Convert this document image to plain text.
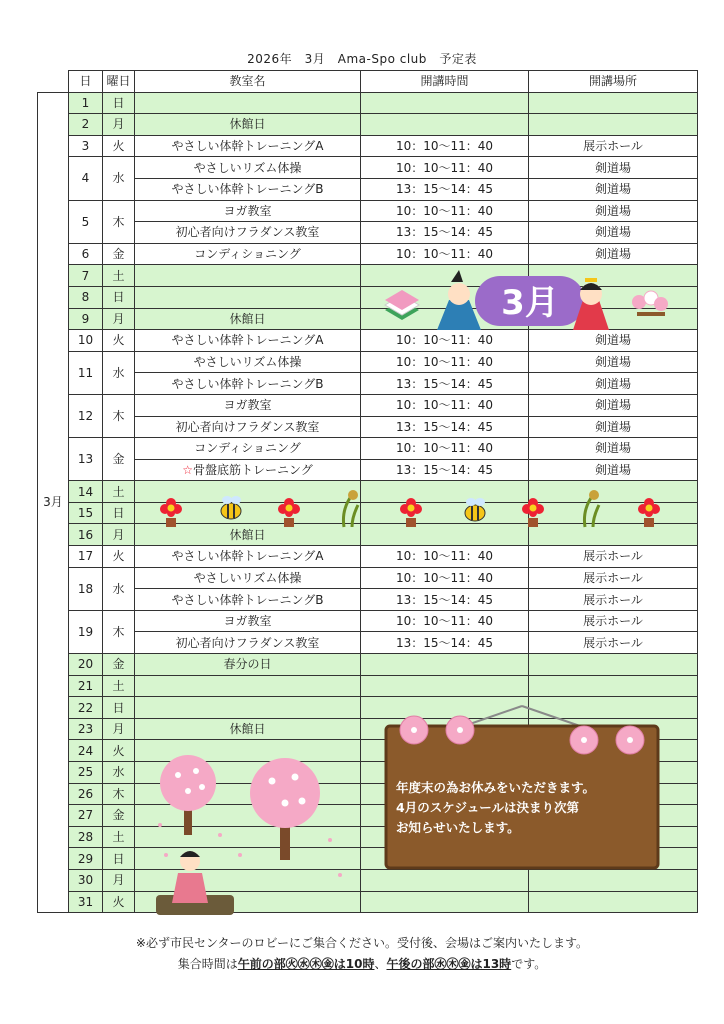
2026年　3月　Ama-Spo club　予定表
	日	曜日	教室名	開講時間	開講場所
3月	1	日			
	2	月	休館日		
	3	火	やさしい体幹トレーニングA	10：10～11：40	展示ホール
	4	水	やさしいリズム体操	10：10～11：40	剣道場
			やさしい体幹トレーニングB	13：15～14：45	剣道場
	5	木	ヨガ教室	10：10～11：40	剣道場
			初心者向けフラダンス教室	13：15～14：45	剣道場
	6	金	コンディショニング	10：10～11：40	剣道場
	7	土			
	8	日			
	9	月	休館日		
	10	火	やさしい体幹トレーニングA	10：10～11：40	剣道場
	11	水	やさしいリズム体操	10：10～11：40	剣道場
			やさしい体幹トレーニングB	13：15～14：45	剣道場
	12	木	ヨガ教室	10：10～11：40	剣道場
			初心者向けフラダンス教室	13：15～14：45	剣道場
	13	金	コンディショニング	10：10～11：40	剣道場
			☆骨盤底筋トレーニング	13：15～14：45	剣道場
	14	土			
	15	日			
	16	月	休館日		
	17	火	やさしい体幹トレーニングA	10：10～11：40	展示ホール
	18	水	やさしいリズム体操	10：10～11：40	展示ホール
			やさしい体幹トレーニングB	13：15～14：45	展示ホール
	19	木	ヨガ教室	10：10～11：40	展示ホール
			初心者向けフラダンス教室	13：15～14：45	展示ホール
	20	金	春分の日		
	21	土			
	22	日			
	23	月	休館日		
	24	火			
	25	水			
	26	木			
	27	金			
	28	土			
	29	日			
	30	月			
	31	火			
3月
年度末の為お休みをいただきます。
4月のスケジュールは決まり次第
お知らせいたします。
※必ず市民センターのロビーにご集合ください。受付後、会場はご案内いたします。
集合時間は午前の部㊋㊌㊍㊎は10時、午後の部㊌㊍㊎は13時です。
